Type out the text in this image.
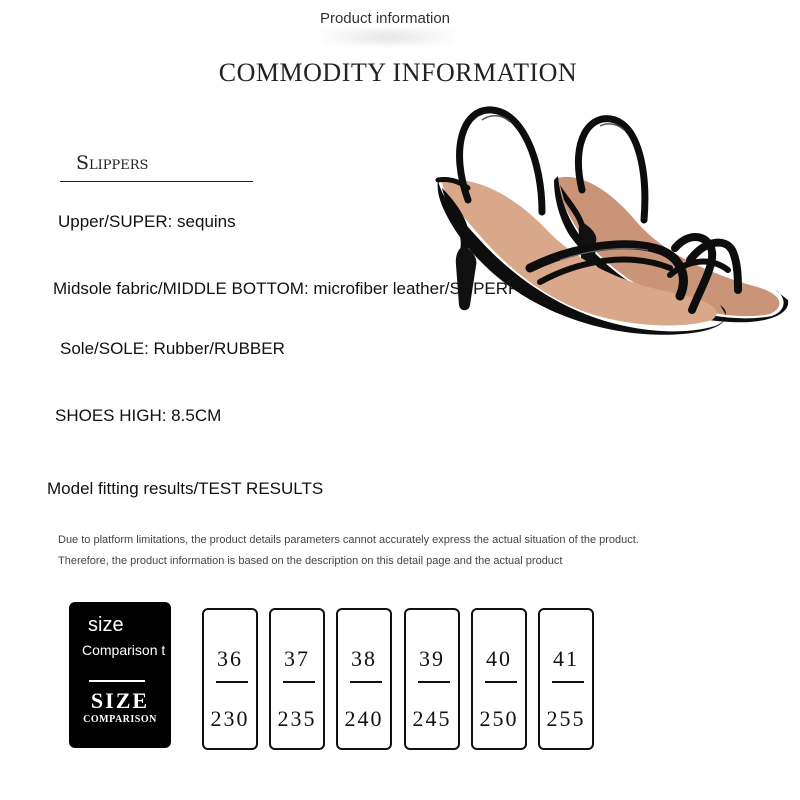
Product information
COMMODITY INFORMATION
Slippers
Upper/SUPER: sequins
Midsole fabric/MIDDLE BOTTOM: microfiber leather/SUPERFI
Sole/SOLE: Rubber/RUBBER
SHOES HIGH: 8.5CM
Model fitting results/TEST RESULTS
Due to platform limitations, the product details parameters cannot accurately express the actual situation of the product.
Therefore, the product information is based on the description on this detail page and the actual product
size
Comparison t
SIZE
COMPARISON
36
230
37
235
38
240
39
245
40
250
41
255
